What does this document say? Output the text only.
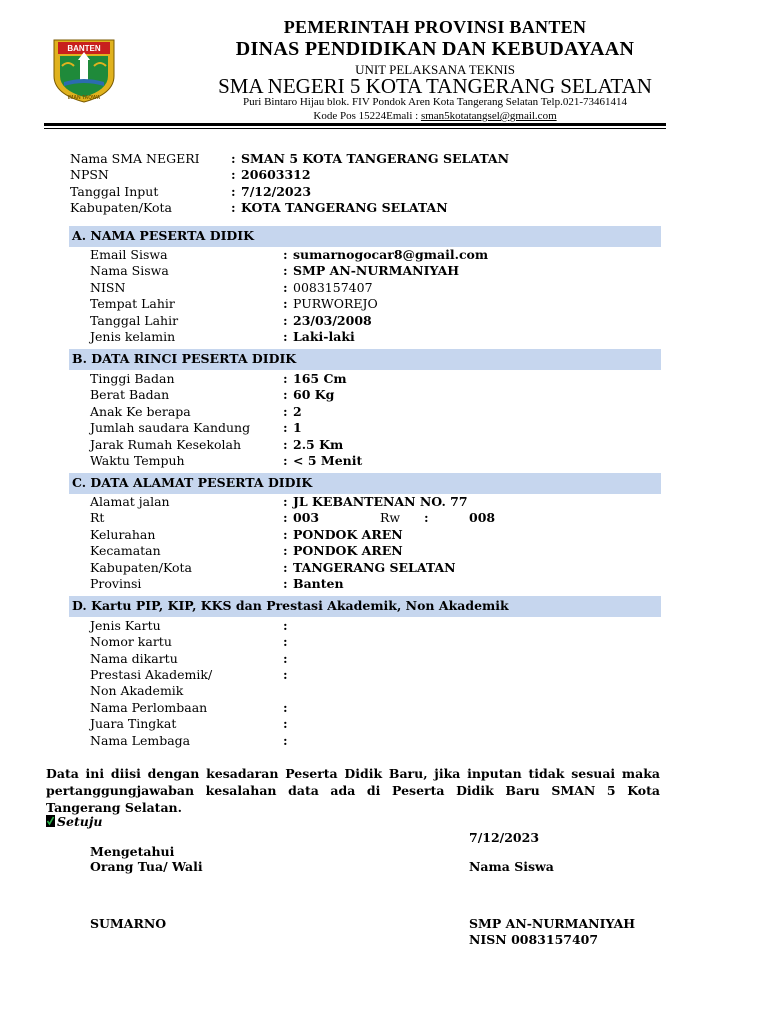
BANTEN
IMAN TAQWA
PEMERINTAH PROVINSI BANTEN
DINAS PENDIDIKAN DAN KEBUDAYAAN
UNIT PELAKSANA TEKNIS
SMA NEGERI 5 KOTA TANGERANG SELATAN
Puri Bintaro Hijau blok. FIV Pondok Aren Kota Tangerang Selatan Telp.021-73461414
Kode Pos 15224Emali : sman5kotatangsel@gmail.com
Nama SMA NEGERI	: SMAN 5 KOTA TANGERANG SELATAN
NPSN	: 20603312
Tanggal Input	: 7/12/2023
Kabupaten/Kota	: KOTA TANGERANG SELATAN
A. NAMA PESERTA DIDIK
Email Siswa	: sumarnogocar8@gmail.com
Nama Siswa	: SMP AN-NURMANIYAH
NISN	: 0083157407
Tempat Lahir	: PURWOREJO
Tanggal Lahir	: 23/03/2008
Jenis kelamin	: Laki-laki
B. DATA RINCI PESERTA DIDIK
Tinggi Badan	: 165 Cm
Berat Badan	: 60 Kg
Anak Ke berapa	: 2
Jumlah saudara Kandung	: 1
Jarak Rumah Kesekolah	: 2.5 Km
Waktu Tempuh	: < 5 Menit
C. DATA ALAMAT PESERTA DIDIK
Alamat jalan	: JL KEBANTENAN NO. 77
Rt	: 003	Rw :	008
Kelurahan	: PONDOK AREN
Kecamatan	: PONDOK AREN
Kabupaten/Kota	: TANGERANG SELATAN
Provinsi	: Banten
D. Kartu PIP, KIP, KKS dan Prestasi Akademik, Non Akademik
Jenis Kartu	:
Nomor kartu	:
Nama dikartu	:
Prestasi Akademik/	:
Non Akademik
Nama Perlombaan	:
Juara Tingkat	:
Nama Lembaga	:
Data ini diisi dengan kesadaran Peserta Didik Baru, jika inputan tidak sesuai maka pertanggungjawaban kesalahan data ada di Peserta Didik Baru SMAN 5 Kota Tangerang Selatan.
Setuju
7/12/2023
Mengetahui
Orang Tua/ Wali	Nama Siswa
SUMARNO	SMP AN-NURMANIYAH
NISN 0083157407
